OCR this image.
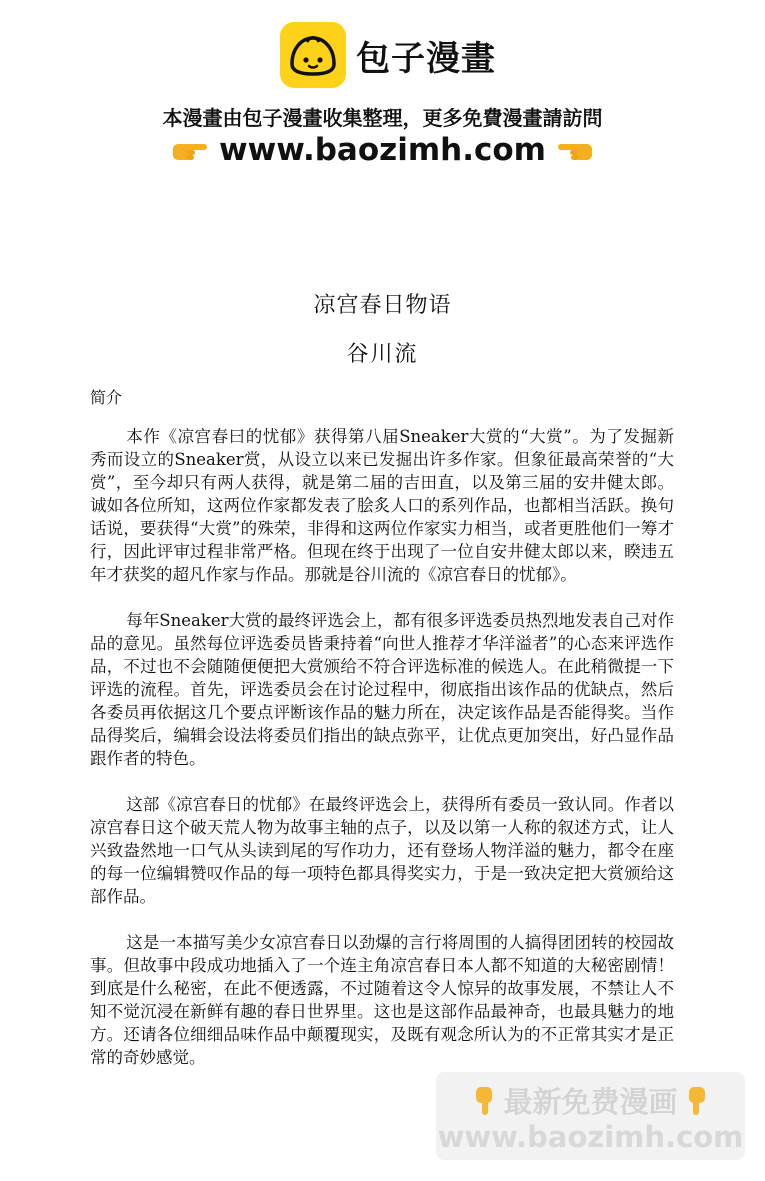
包子漫畫
本漫畫由包子漫畫收集整理，更多免費漫畫請訪問
www.baozimh.com
凉宫春日物语
谷川流
简介

本作《凉宫春曰的忧郁》获得第八届Sneaker大赏的“大赏”。为了发掘新秀而设立的Sneaker赏，从设立以来已发掘出许多作家。但象征最高荣誉的“大赏”，至今却只有两人获得，就是第二届的吉田直，以及第三届的安井健太郎。诚如各位所知，这两位作家都发表了脍炙人口的系列作品，也都相当活跃。换句话说，要获得“大赏”的殊荣，非得和这两位作家实力相当，或者更胜他们一筹才行，因此评审过程非常严格。但现在终于出现了一位自安井健太郎以来，睽违五年才获奖的超凡作家与作品。那就是谷川流的《凉宫春日的忧郁》。

每年Sneaker大赏的最终评选会上，都有很多评选委员热烈地发表自己对作品的意见。虽然每位评选委员皆秉持着“向世人推荐才华洋溢者”的心态来评选作品，不过也不会随随便便把大赏颁给不符合评选标准的候选人。在此稍微提一下评选的流程。首先，评选委员会在讨论过程中，彻底指出该作品的优缺点，然后各委员再依据这几个要点评断该作品的魅力所在，决定该作品是否能得奖。当作品得奖后，编辑会设法将委员们指出的缺点弥平，让优点更加突出，好凸显作品跟作者的特色。

这部《凉宫春日的忧郁》在最终评选会上，获得所有委员一致认同。作者以凉宫春日这个破天荒人物为故事主轴的点子，以及以第一人称的叙述方式，让人兴致盎然地一口气从头读到尾的写作功力，还有登场人物洋溢的魅力，都令在座的每一位编辑赞叹作品的每一项特色都具得奖实力，于是一致决定把大赏颁给这部作品。

这是一本描写美少女凉宫春日以劲爆的言行将周围的人搞得团团转的校园故事。但故事中段成功地插入了一个连主角凉宫春日本人都不知道的大秘密剧情！到底是什么秘密，在此不便透露，不过随着这令人惊异的故事发展，不禁让人不知不觉沉浸在新鲜有趣的春日世界里。这也是这部作品最神奇，也最具魅力的地方。还请各位细细品味作品中颠覆现实，及既有观念所认为的不正常其实才是正常的奇妙感觉。

最新免费漫画
www.baozimh.com
